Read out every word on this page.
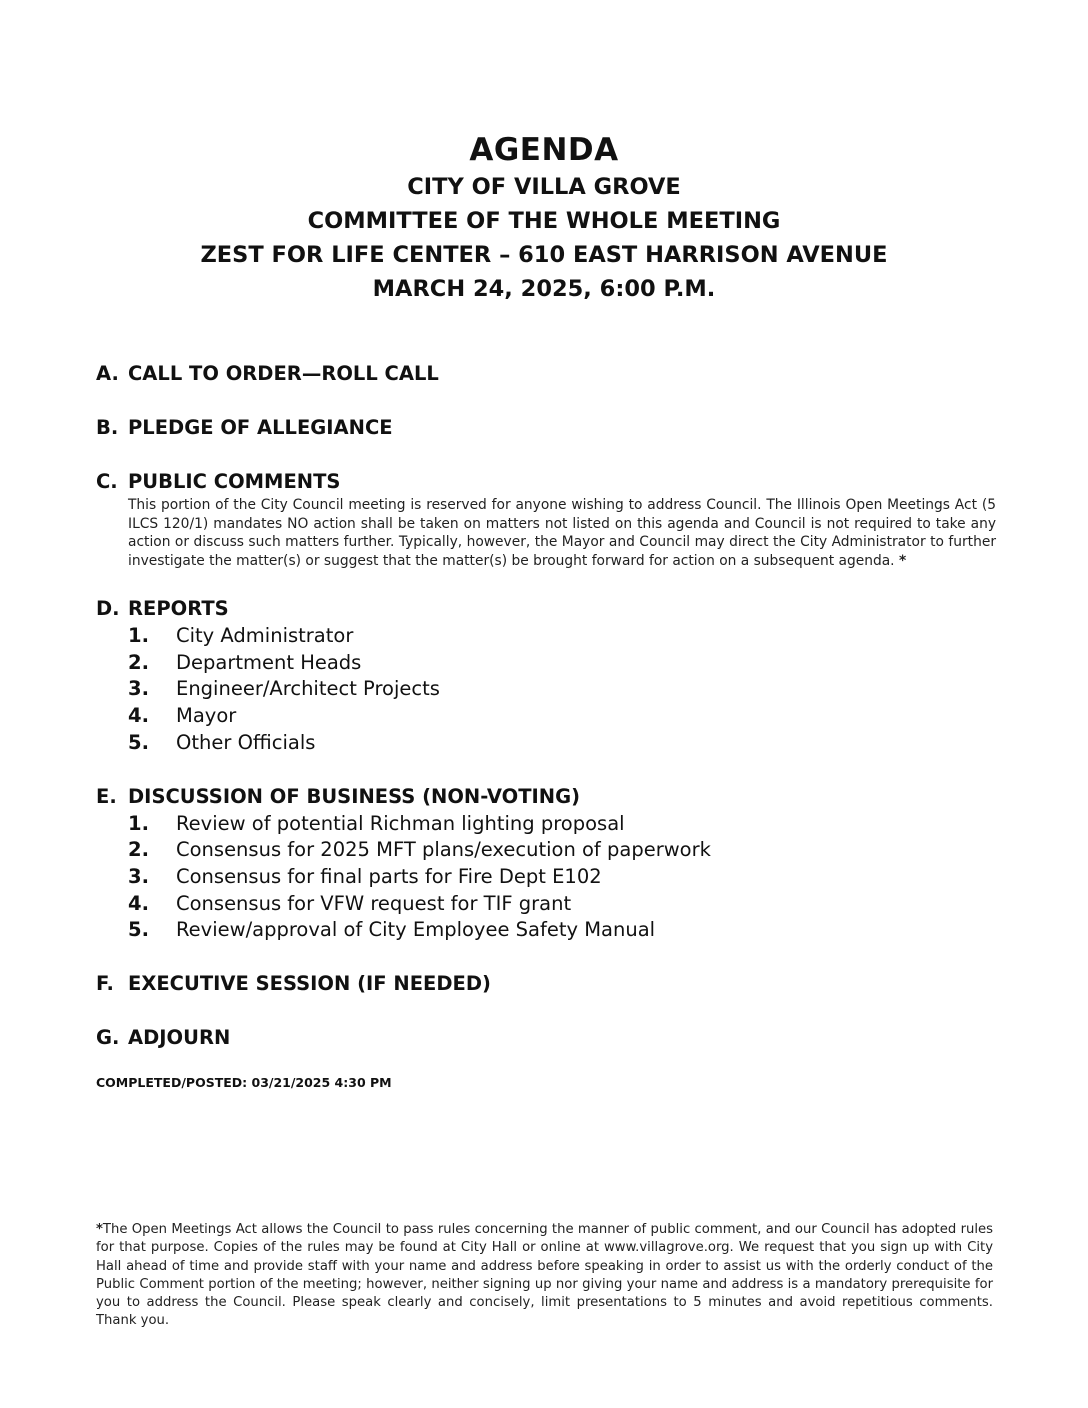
AGENDA
CITY OF VILLA GROVE
COMMITTEE OF THE WHOLE MEETING
ZEST FOR LIFE CENTER – 610 EAST HARRISON AVENUE
MARCH 24, 2025, 6:00 P.M.
A. CALL TO ORDER—ROLL CALL
B. PLEDGE OF ALLEGIANCE
C. PUBLIC COMMENTS
This portion of the City Council meeting is reserved for anyone wishing to address Council. The Illinois Open Meetings Act (5 ILCS 120/1) mandates NO action shall be taken on matters not listed on this agenda and Council is not required to take any action or discuss such matters further. Typically, however, the Mayor and Council may direct the City Administrator to further investigate the matter(s) or suggest that the matter(s) be brought forward for action on a subsequent agenda. *
D. REPORTS
1.	City Administrator
2.	Department Heads
3.	Engineer/Architect Projects
4.	Mayor
5.	Other Officials
E. DISCUSSION OF BUSINESS (NON-VOTING)
1.	Review of potential Richman lighting proposal
2.	Consensus for 2025 MFT plans/execution of paperwork
3.	Consensus for final parts for Fire Dept E102
4.	Consensus for VFW request for TIF grant
5.	Review/approval of City Employee Safety Manual
F. EXECUTIVE SESSION (IF NEEDED)
G. ADJOURN
COMPLETED/POSTED: 03/21/2025 4:30 PM
*The Open Meetings Act allows the Council to pass rules concerning the manner of public comment, and our Council has adopted rules for that purpose. Copies of the rules may be found at City Hall or online at www.villagrove.org. We request that you sign up with City Hall ahead of time and provide staff with your name and address before speaking in order to assist us with the orderly conduct of the Public Comment portion of the meeting; however, neither signing up nor giving your name and address is a mandatory prerequisite for you to address the Council. Please speak clearly and concisely, limit presentations to 5 minutes and avoid repetitious comments. Thank you.
